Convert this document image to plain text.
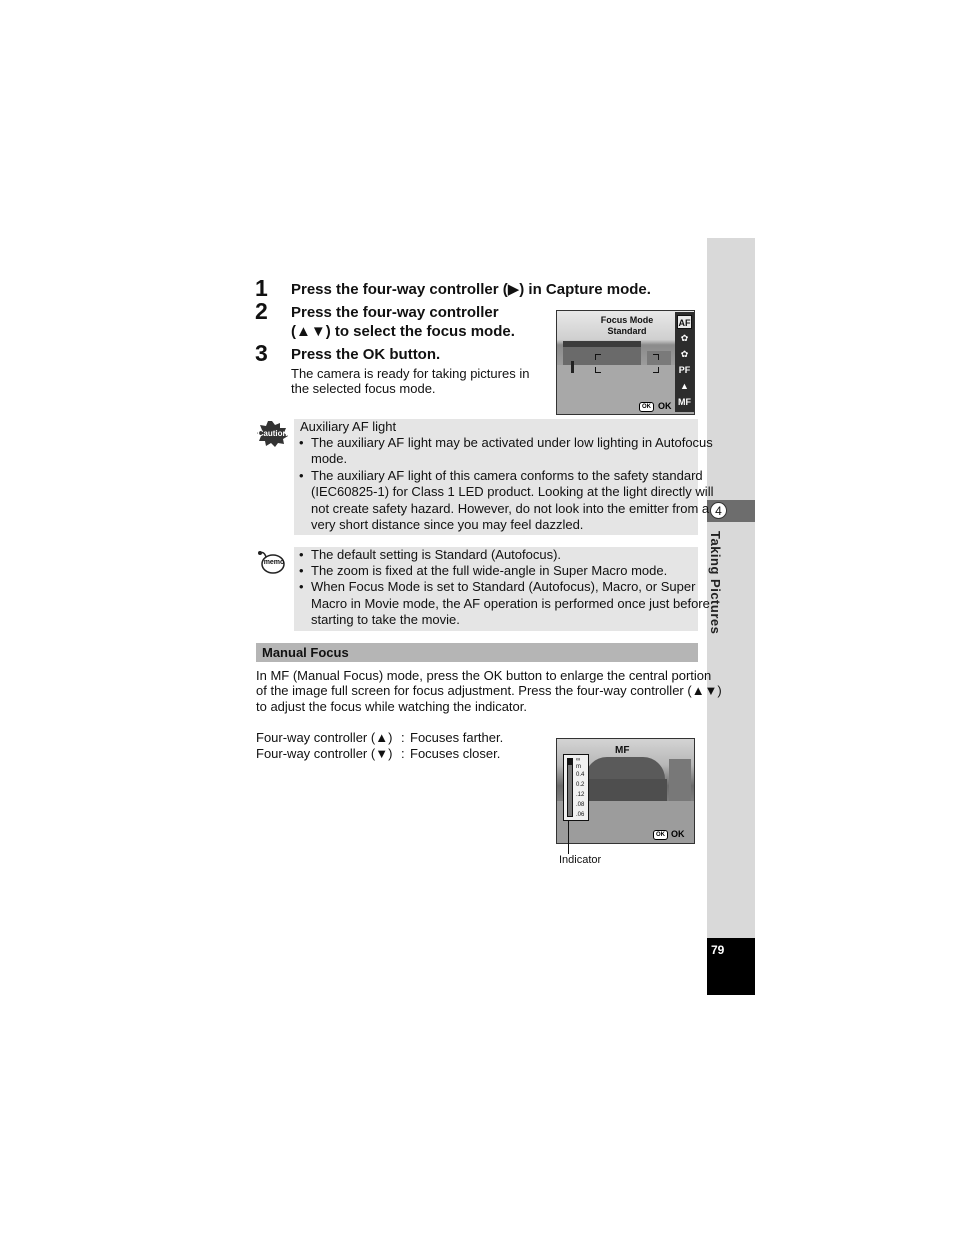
4
Taking Pictures
79
1 Press the four-way controller (▶) in Capture mode.
2 Press the four-way controller
(▲▼) to select the focus mode.
3 Press the OK button.
The camera is ready for taking pictures in
the selected focus mode.
Focus Mode
Standard
AF
✿
✿
PF
▲
MF
OK OK
Caution Auxiliary AF light
• The auxiliary AF light may be activated under low lighting in Autofocus
mode.
• The auxiliary AF light of this camera conforms to the safety standard
(IEC60825-1) for Class 1 LED product. Looking at the light directly will
not create safety hazard. However, do not look into the emitter from a
very short distance since you may feel dazzled.
memo
• The default setting is Standard (Autofocus).
• The zoom is fixed at the full wide-angle in Super Macro mode.
• When Focus Mode is set to Standard (Autofocus), Macro, or Super
Macro in Movie mode, the AF operation is performed once just before
starting to take the movie.
Manual Focus
In MF (Manual Focus) mode, press the OK button to enlarge the central portion
of the image full screen for focus adjustment. Press the four-way controller (▲▼)
to adjust the focus while watching the indicator.
Four-way controller (▲) : Focuses farther.
Four-way controller (▼) : Focuses closer.	MF
∞
m
0.4
0.2
.12
.08
.06
OK OK
Indicator
